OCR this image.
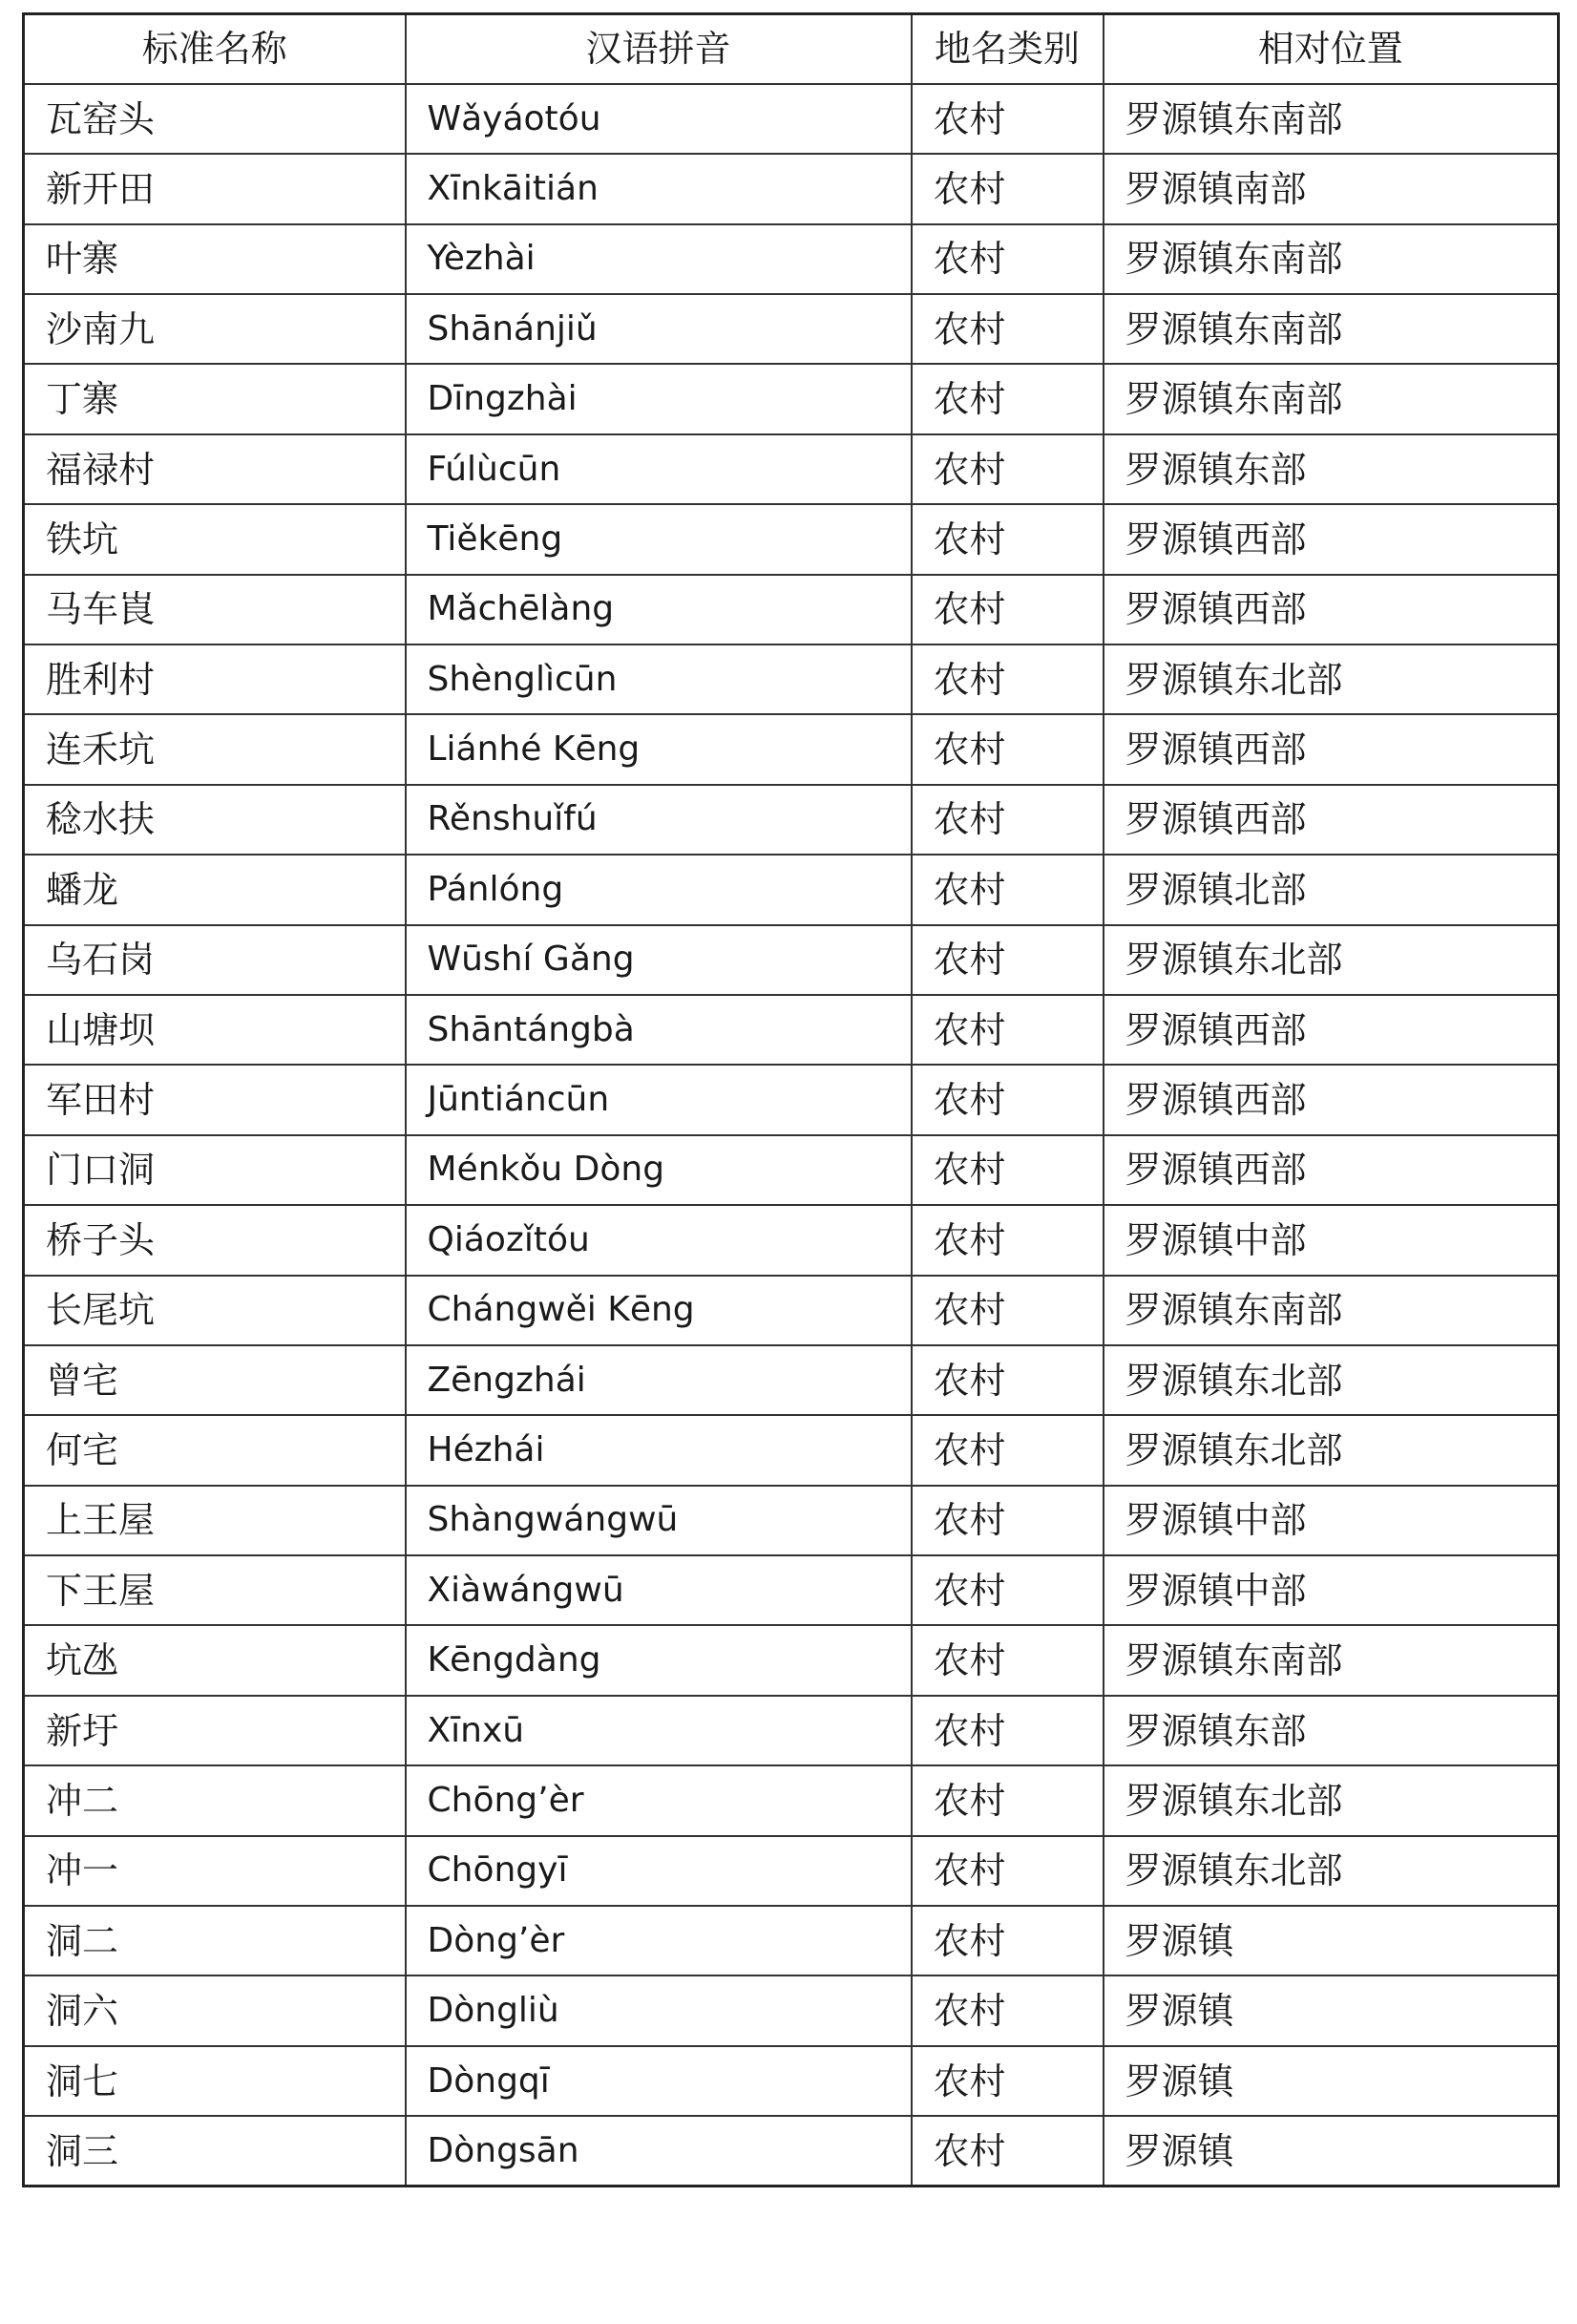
标准名称	汉语拼音	地名类别	相对位置
瓦窑头	Wǎyáotóu	农村	罗源镇东南部
新开田	Xīnkāitián	农村	罗源镇南部
叶寨	Yèzhài	农村	罗源镇东南部
沙南九	Shānánjiǔ	农村	罗源镇东南部
丁寨	Dīngzhài	农村	罗源镇东南部
福禄村	Fúlùcūn	农村	罗源镇东部
铁坑	Tiěkēng	农村	罗源镇西部
马车崀	Mǎchēlàng	农村	罗源镇西部
胜利村	Shènglìcūn	农村	罗源镇东北部
连禾坑	Liánhé Kēng	农村	罗源镇西部
稔水扶	Rěnshuǐfú	农村	罗源镇西部
蟠龙	Pánlóng	农村	罗源镇北部
乌石岗	Wūshí Gǎng	农村	罗源镇东北部
山塘坝	Shāntángbà	农村	罗源镇西部
军田村	Jūntiáncūn	农村	罗源镇西部
门口洞	Ménkǒu Dòng	农村	罗源镇西部
桥子头	Qiáozǐtóu	农村	罗源镇中部
长尾坑	Chángwěi Kēng	农村	罗源镇东南部
曾宅	Zēngzhái	农村	罗源镇东北部
何宅	Hézhái	农村	罗源镇东北部
上王屋	Shàngwángwū	农村	罗源镇中部
下王屋	Xiàwángwū	农村	罗源镇中部
坑氹	Kēngdàng	农村	罗源镇东南部
新圩	Xīnxū	农村	罗源镇东部
冲二	Chōng’èr	农村	罗源镇东北部
冲一	Chōngyī	农村	罗源镇东北部
洞二	Dòng’èr	农村	罗源镇
洞六	Dòngliù	农村	罗源镇
洞七	Dòngqī	农村	罗源镇
洞三	Dòngsān	农村	罗源镇
